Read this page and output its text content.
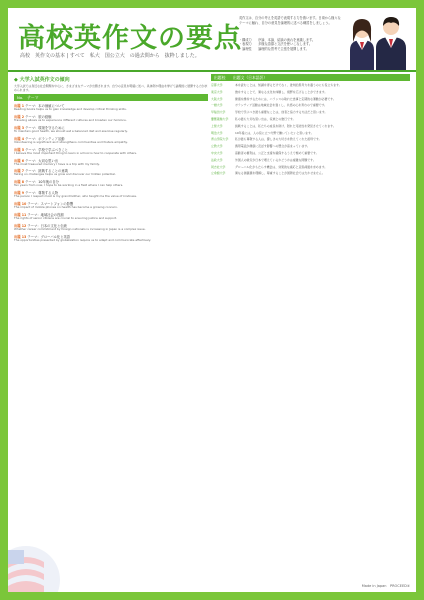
高校英作文の要点
高校　英作文の基本 | すべて　私大　国公立大　の過去問から　抜粋しました。
英作文は、自分の考えを英語で表現する力を養います。日頃から様々なテーマに触れ、自分の意見を論理的に述べる練習をしましょう。
・構成力　　序論、本論、結論の流れを意識します。
・表現力　　多様な語彙と文法を使いこなします。
・論理性　　論理的な思考で主張を展開します。
◆ 大学入試英作文の傾向
大学入試では身近な社会問題を中心に、さまざまなテーマが出題されます。自分の意見を明確に述べ、具体例や理由を挙げて論理的に展開する力が求められます。
No.　テーマ
出題 1 テーマ：本の価値について
Reading books helps us to gain knowledge and develop critical thinking skills.
出題 2 テーマ：旅の経験
Traveling allows us to experience different cultures and broaden our horizons.
出題 3 テーマ：環境を守るために
To maintain good health, we should eat a balanced diet and exercise regularly.
出題 4 テーマ：ボランティア活動
Volunteering is significant as it strengthens communities and fosters empathy.
出題 5 テーマ：学校で学ぶべきこと
I believe the most important thing to learn in school is how to cooperate with others.
出題 6 テーマ：大切な思い出
The most treasured memory I have is a trip with my family.
出題 7 テーマ：挑戦することの意義
Taking on challenges helps us grow and discover our hidden potential.
出題 8 テーマ：10年後の自分
Ten years from now, I hope to be working in a field where I can help others.
出題 9 テーマ：尊敬する人物
The person I respect most is my grandmother, who taught me the value of kindness.
出題 10 テーマ：スマートフォンの影響
The impact of mobile phones on health has become a growing concern.
出題 11 テーマ：地域社会の役割
The rights of senior citizens are crucial to ensuring justice and support.
出題 12 テーマ：日本の文化と伝統
Whether career commitment by foreign nationals is increasing in Japan is a complex issue.
出題 13 テーマ：グローバル化と英語
The opportunities presented by globalization require us to adapt and communicate effectively.
出題校　　出題文（日本語訳）
京都大学	本を読むことは、知識を得るだけでなく、批判的思考力を養うのにも役立ちます。
東京大学	旅をすることで、異なる文化を体験し、視野を広げることができます。
大阪大学	健康を維持するためには、バランスの取れた食事と定期的な運動が必要です。
一橋大学	ボランティア活動は地域社会を強くし、共感の心を育むので重要です。
早稲田大学	学校で学ぶべき最も重要なことは、他者と協力する方法だと思います。
慶應義塾大学	私の最も大切な思い出は、家族との旅行です。
上智大学	挑戦することは、私たちの成長を助け、隠れた可能性を発見させてくれます。
明治大学	10年後には、人の役に立つ分野で働いていたいと思います。
青山学院大学	私が最も尊敬する人は、優しさの大切さを教えてくれた祖母です。
立教大学	携帯電話が健康に及ぼす影響への懸念が高まっています。
中央大学	高齢者の権利は、公正と支援を確保するうえで極めて重要です。
法政大学	外国人の就労が日本で増えているかどうかは複雑な問題です。
同志社大学	グローバル化がもたらす機会は、効果的な適応と意思疎通を求めます。
立命館大学	異なる価値観を理解し、尊重することが国際社会では欠かせません。
Made in Japan　PROCEED④
